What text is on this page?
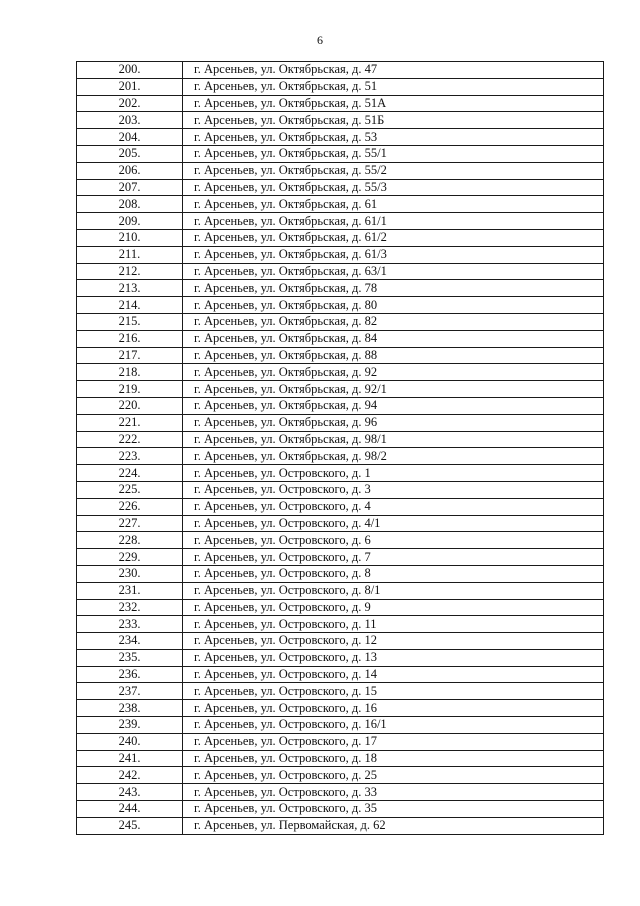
6
200.	г. Арсеньев, ул. Октябрьская, д. 47
201.	г. Арсеньев, ул. Октябрьская, д. 51
202.	г. Арсеньев, ул. Октябрьская, д. 51А
203.	г. Арсеньев, ул. Октябрьская, д. 51Б
204.	г. Арсеньев, ул. Октябрьская, д. 53
205.	г. Арсеньев, ул. Октябрьская, д. 55/1
206.	г. Арсеньев, ул. Октябрьская, д. 55/2
207.	г. Арсеньев, ул. Октябрьская, д. 55/3
208.	г. Арсеньев, ул. Октябрьская, д. 61
209.	г. Арсеньев, ул. Октябрьская, д. 61/1
210.	г. Арсеньев, ул. Октябрьская, д. 61/2
211.	г. Арсеньев, ул. Октябрьская, д. 61/3
212.	г. Арсеньев, ул. Октябрьская, д. 63/1
213.	г. Арсеньев, ул. Октябрьская, д. 78
214.	г. Арсеньев, ул. Октябрьская, д. 80
215.	г. Арсеньев, ул. Октябрьская, д. 82
216.	г. Арсеньев, ул. Октябрьская, д. 84
217.	г. Арсеньев, ул. Октябрьская, д. 88
218.	г. Арсеньев, ул. Октябрьская, д. 92
219.	г. Арсеньев, ул. Октябрьская, д. 92/1
220.	г. Арсеньев, ул. Октябрьская, д. 94
221.	г. Арсеньев, ул. Октябрьская, д. 96
222.	г. Арсеньев, ул. Октябрьская, д. 98/1
223.	г. Арсеньев, ул. Октябрьская, д. 98/2
224.	г. Арсеньев, ул. Островского, д. 1
225.	г. Арсеньев, ул. Островского, д. 3
226.	г. Арсеньев, ул. Островского, д. 4
227.	г. Арсеньев, ул. Островского, д. 4/1
228.	г. Арсеньев, ул. Островского, д. 6
229.	г. Арсеньев, ул. Островского, д. 7
230.	г. Арсеньев, ул. Островского, д. 8
231.	г. Арсеньев, ул. Островского, д. 8/1
232.	г. Арсеньев, ул. Островского, д. 9
233.	г. Арсеньев, ул. Островского, д. 11
234.	г. Арсеньев, ул. Островского, д. 12
235.	г. Арсеньев, ул. Островского, д. 13
236.	г. Арсеньев, ул. Островского, д. 14
237.	г. Арсеньев, ул. Островского, д. 15
238.	г. Арсеньев, ул. Островского, д. 16
239.	г. Арсеньев, ул. Островского, д. 16/1
240.	г. Арсеньев, ул. Островского, д. 17
241.	г. Арсеньев, ул. Островского, д. 18
242.	г. Арсеньев, ул. Островского, д. 25
243.	г. Арсеньев, ул. Островского, д. 33
244.	г. Арсеньев, ул. Островского, д. 35
245.	г. Арсеньев, ул. Первомайская, д. 62
